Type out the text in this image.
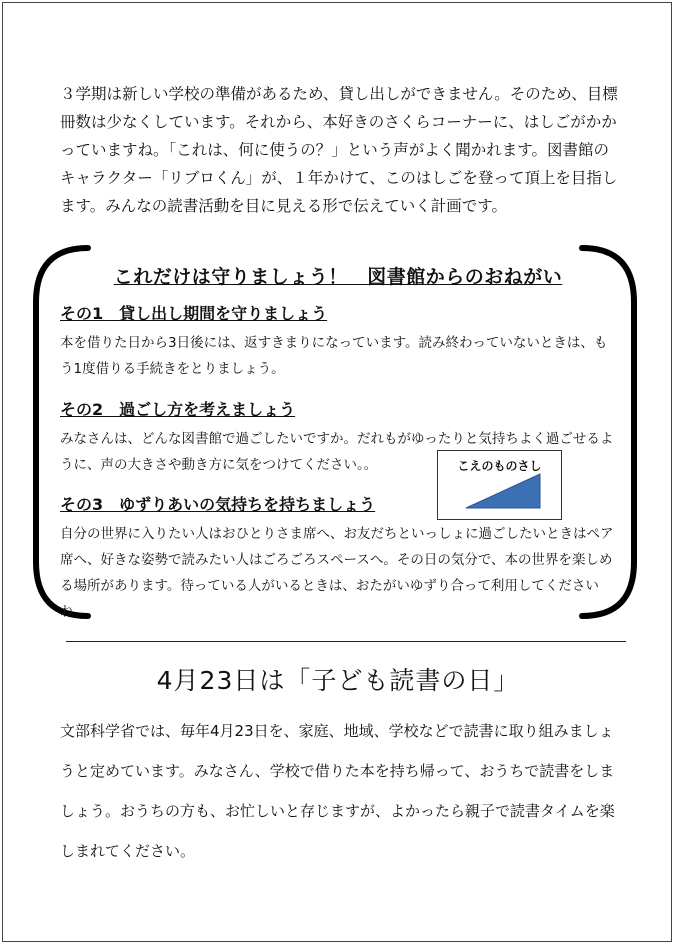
３学期は新しい学校の準備があるため、貸し出しができません。そのため、目標冊数は少なくしています。それから、本好きのさくらコーナーに、はしごがかかっていますね。「これは、何に使うの？」という声がよく聞かれます。図書館のキャラクター「リブロくん」が、１年かけて、このはしごを登って頂上を目指します。みんなの読書活動を目に見える形で伝えていく計画です。

これだけは守りましょう！　図書館からのおねがい
その1　貸し出し期間を守りましょう

本を借りた日から3日後には、返すきまりになっています。読み終わっていないときは、もう1度借りる手続きをとりましょう。

その2　過ごし方を考えましょう

みなさんは、どんな図書館で過ごしたいですか。だれもがゆったりと気持ちよく過ごせるように、声の大きさや動き方に気をつけてください。。	こえのものさし
その3　ゆずりあいの気持ちを持ちましょう

自分の世界に入りたい人はおひとりさま席へ、お友だちといっしょに過ごしたいときはペア席へ、好きな姿勢で読みたい人はごろごろスペースへ。その日の気分で、本の世界を楽しめる場所があります。待っている人がいるときは、おたがいゆずり合って利用してくださいね。

4月23日は「子ども読書の日」

文部科学省では、毎年4月23日を、家庭、地域、学校などで読書に取り組みましょうと定めています。みなさん、学校で借りた本を持ち帰って、おうちで読書をしましょう。おうちの方も、お忙しいと存じますが、よかったら親子で読書タイムを楽しまれてください。
